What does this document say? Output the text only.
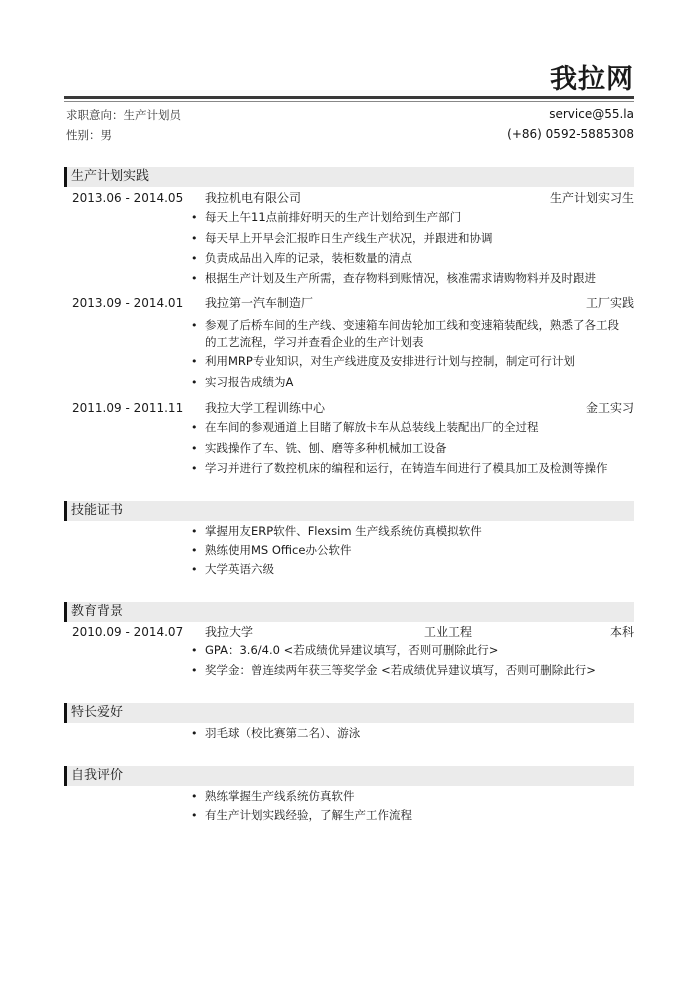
我拉网
求职意向：生产计划员
性别：男
service@55.la
(+86) 0592-5885308
生产计划实践
2013.06 - 2014.05 我拉机电有限公司	生产计划实习生
• 每天上午11点前排好明天的生产计划给到生产部门
• 每天早上开早会汇报昨日生产线生产状况，并跟进和协调
• 负责成品出入库的记录，装柜数量的清点
• 根据生产计划及生产所需，查存物料到账情况，核准需求请购物料并及时跟进
2013.09 - 2014.01 我拉第一汽车制造厂	工厂实践
• 参观了后桥车间的生产线、变速箱车间齿轮加工线和变速箱装配线，熟悉了各工段
的工艺流程，学习并查看企业的生产计划表
• 利用MRP专业知识，对生产线进度及安排进行计划与控制，制定可行计划
• 实习报告成绩为A
2011.09 - 2011.11 我拉大学工程训练中心	金工实习
• 在车间的参观通道上目睹了解放卡车从总装线上装配出厂的全过程
• 实践操作了车、铣、刨、磨等多种机械加工设备
• 学习并进行了数控机床的编程和运行，在铸造车间进行了模具加工及检测等操作
技能证书
• 掌握用友ERP软件、Flexsim 生产线系统仿真模拟软件
• 熟练使用MS Office办公软件
• 大学英语六级
教育背景
2010.09 - 2014.07 我拉大学	工业工程	本科
• GPA：3.6/4.0 <若成绩优异建议填写，否则可删除此行>
• 奖学金：曾连续两年获三等奖学金 <若成绩优异建议填写，否则可删除此行>
特长爱好
• 羽毛球（校比赛第二名）、游泳
自我评价
• 熟练掌握生产线系统仿真软件
• 有生产计划实践经验，了解生产工作流程
